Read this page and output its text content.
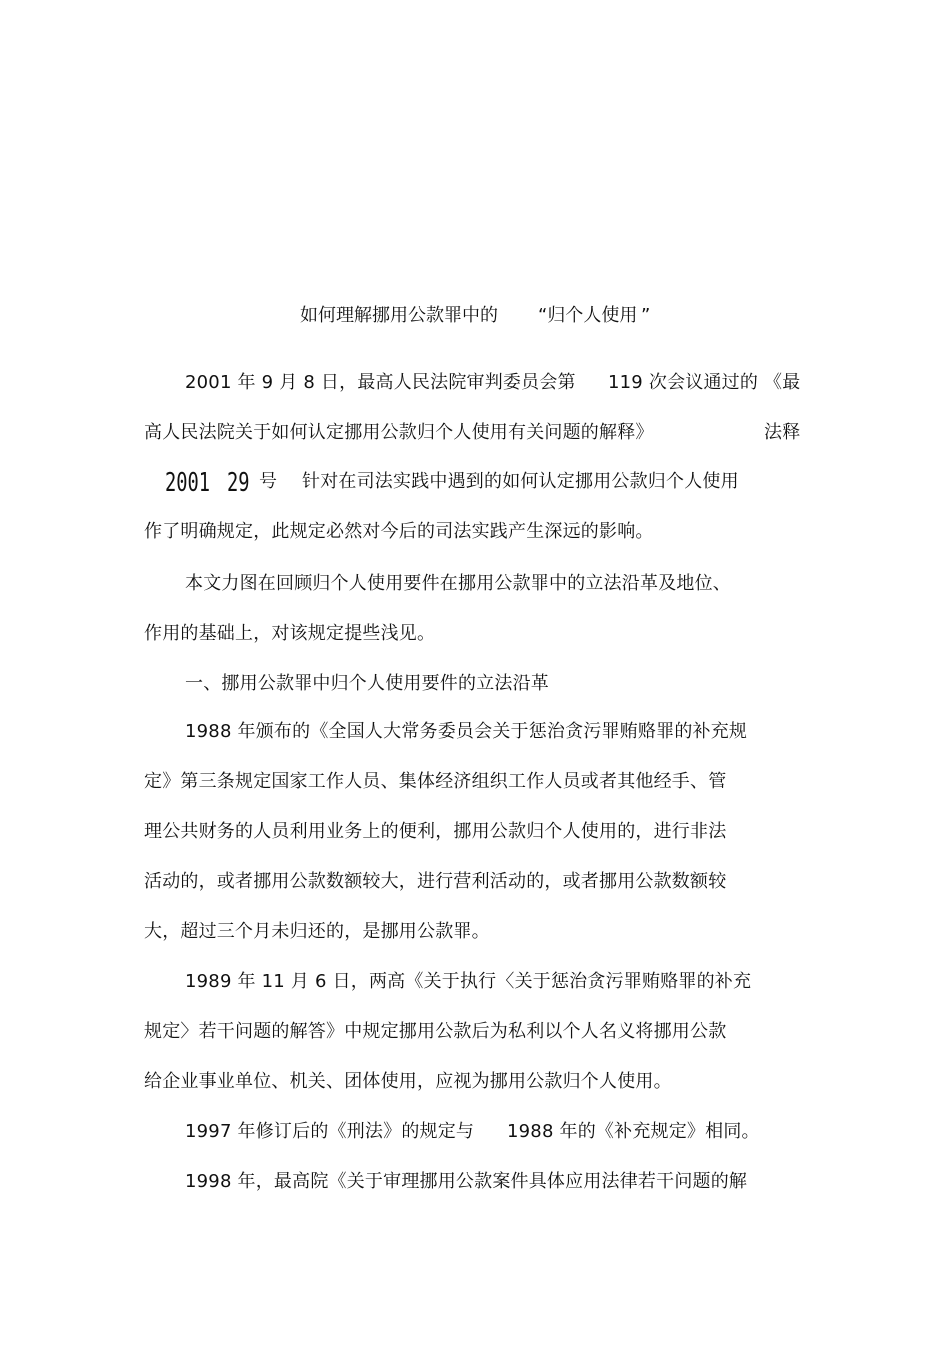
如何理解挪用公款罪中的 “归个人使用 ”
2001 年 9 月 8 日，最高人民法院审判委员会第 119 次会议通过的 《最
高人民法院关于如何认定挪用公款归个人使用有关问题的解释》	法释
2001 29 号 针对在司法实践中遇到的如何认定挪用公款归个人使用
作了明确规定，此规定必然对今后的司法实践产生深远的影响。
本文力图在回顾归个人使用要件在挪用公款罪中的立法沿革及地位、
作用的基础上，对该规定提些浅见。
一、挪用公款罪中归个人使用要件的立法沿革
1988 年颁布的《全国人大常务委员会关于惩治贪污罪贿赂罪的补充规
定》第三条规定国家工作人员、集体经济组织工作人员或者其他经手、管
理公共财务的人员利用业务上的便利，挪用公款归个人使用的，进行非法
活动的，或者挪用公款数额较大，进行营利活动的，或者挪用公款数额较
大，超过三个月未归还的，是挪用公款罪。
1989 年 11 月 6 日，两高《关于执行〈关于惩治贪污罪贿赂罪的补充
规定〉若干问题的解答》中规定挪用公款后为私利以个人名义将挪用公款
给企业事业单位、机关、团体使用，应视为挪用公款归个人使用。
1997 年修订后的《刑法》的规定与 1988 年的《补充规定》相同。
1998 年，最高院《关于审理挪用公款案件具体应用法律若干问题的解
